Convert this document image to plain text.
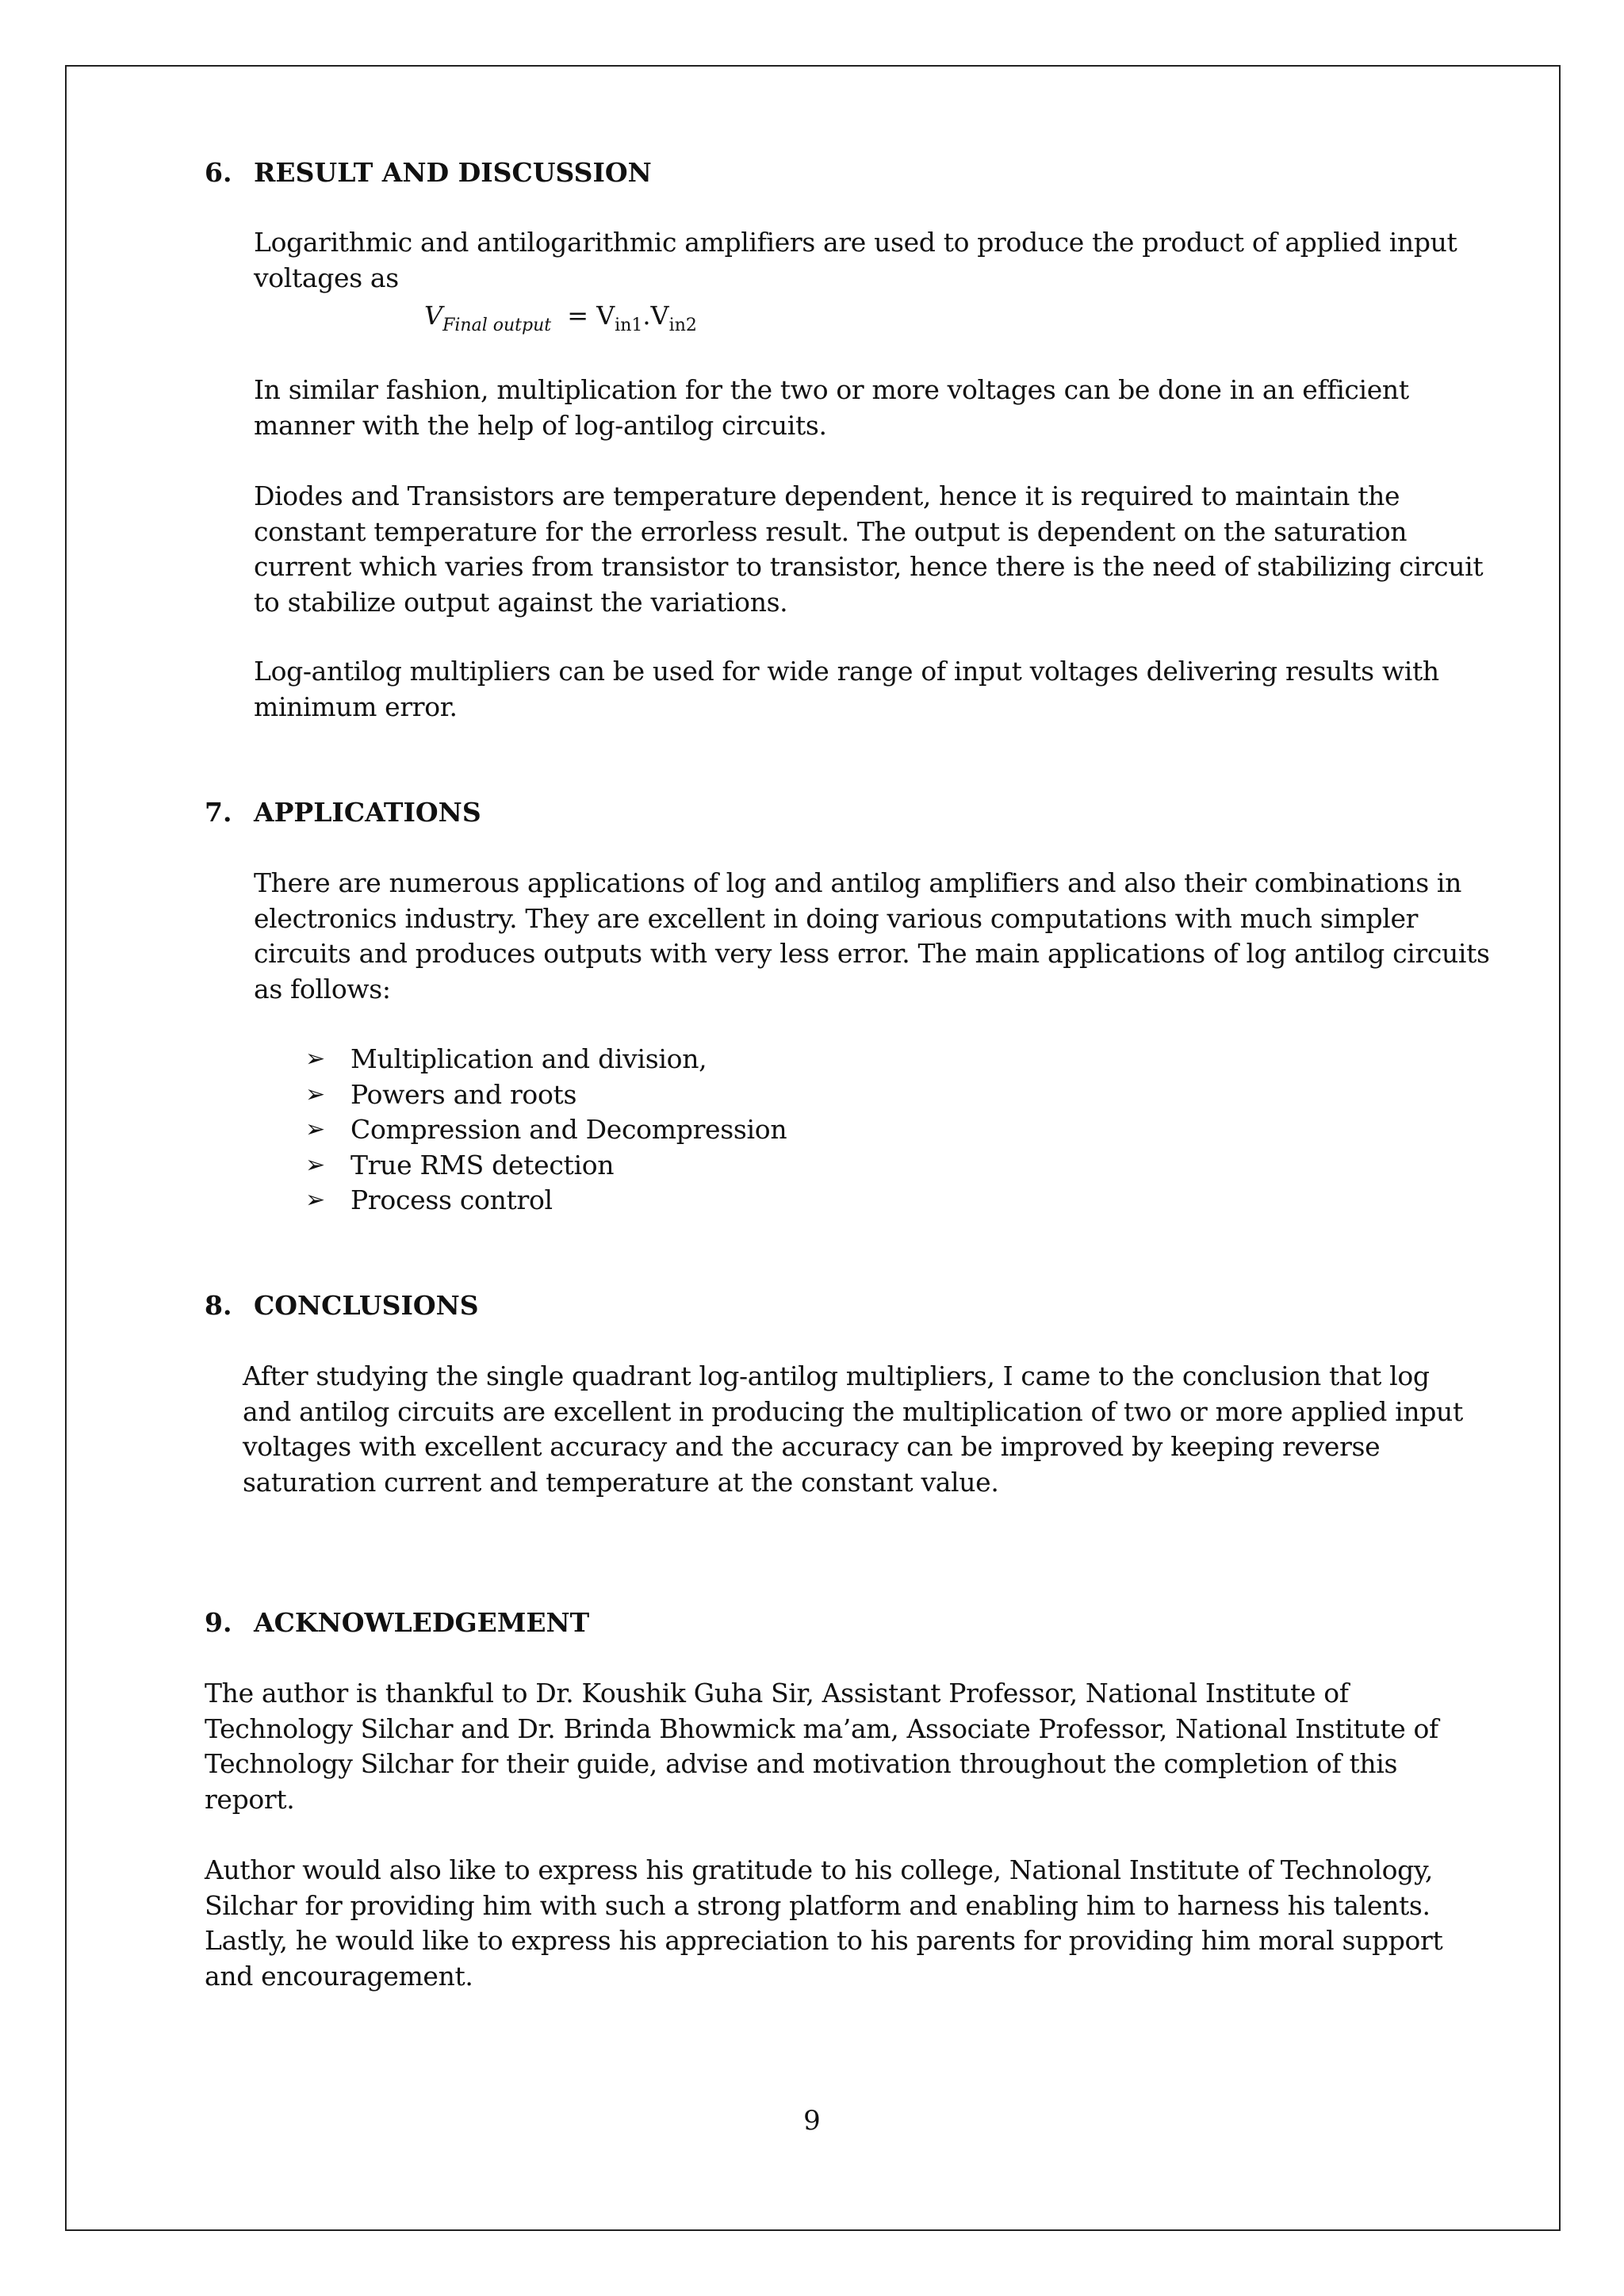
6. RESULT AND DISCUSSION

Logarithmic and antilogarithmic amplifiers are used to produce the product of applied input voltages as

$V_{Final output} = V_{in1}.V_{in2}$

In similar fashion, multiplication for the two or more voltages can be done in an efficient manner with the help of log-antilog circuits.

Diodes and Transistors are temperature dependent, hence it is required to maintain the constant temperature for the errorless result. The output is dependent on the saturation current which varies from transistor to transistor, hence there is the need of stabilizing circuit to stabilize output against the variations.

Log-antilog multipliers can be used for wide range of input voltages delivering results with minimum error.

7. APPLICATIONS

There are numerous applications of log and antilog amplifiers and also their combinations in electronics industry. They are excellent in doing various computations with much simpler circuits and produces outputs with very less error. The main applications of log antilog circuits as follows:

➢ Multiplication and division,
➢ Powers and roots
➢ Compression and Decompression
➢ True RMS detection
➢ Process control
8. CONCLUSIONS

After studying the single quadrant log-antilog multipliers, I came to the conclusion that log and antilog circuits are excellent in producing the multiplication of two or more applied input voltages with excellent accuracy and the accuracy can be improved by keeping reverse saturation current and temperature at the constant value.

9. ACKNOWLEDGEMENT

The author is thankful to Dr. Koushik Guha Sir, Assistant Professor, National Institute of Technology Silchar and Dr. Brinda Bhowmick ma’am, Associate Professor, National Institute of Technology Silchar for their guide, advise and motivation throughout the completion of this report.

Author would also like to express his gratitude to his college, National Institute of Technology, Silchar for providing him with such a strong platform and enabling him to harness his talents. Lastly, he would like to express his appreciation to his parents for providing him moral support and encouragement.

9
